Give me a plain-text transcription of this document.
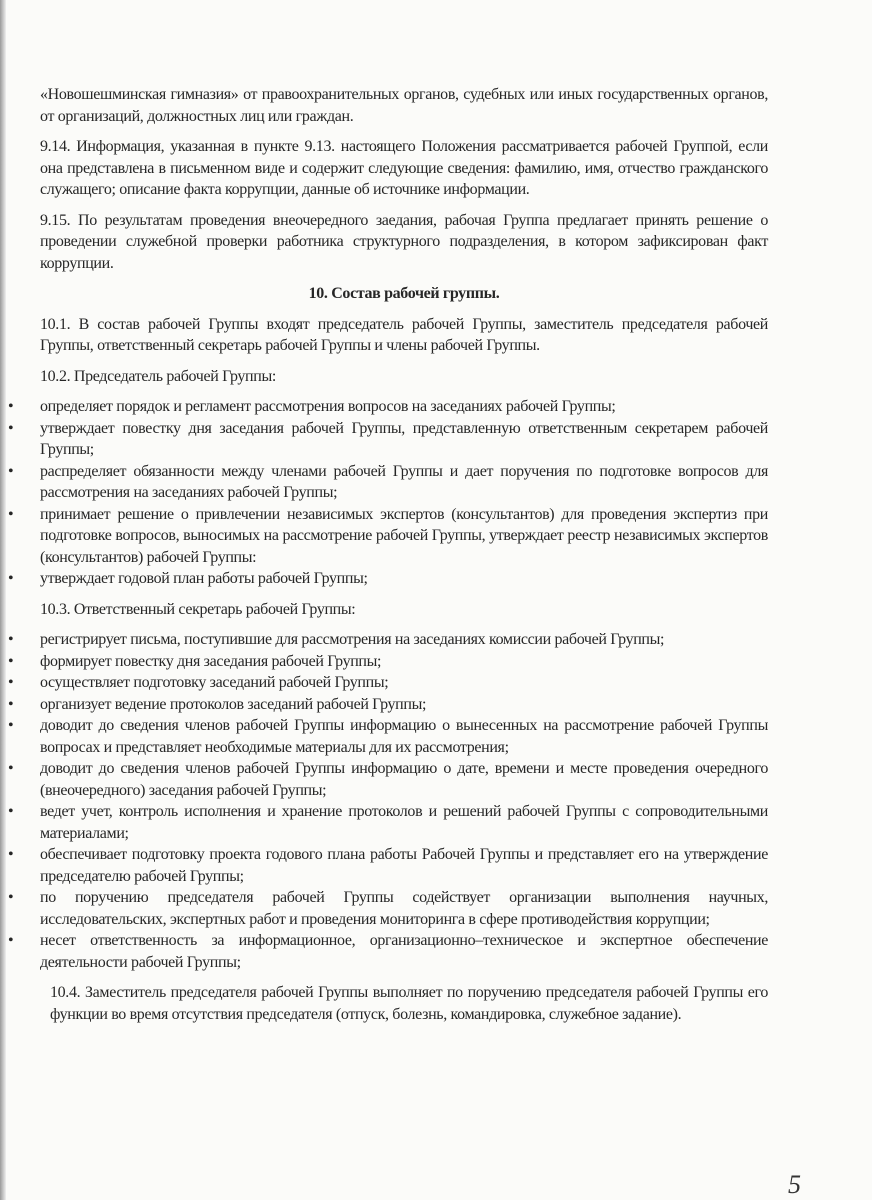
«Новошешминская гимназия» от правоохранительных органов, судебных или иных государственных органов, от организаций, должностных лиц или граждан.

9.14. Информация, указанная в пункте 9.13. настоящего Положения рассматривается рабочей Группой, если она представлена в письменном виде и содержит следующие сведения: фамилию, имя, отчество гражданского служащего; описание факта коррупции, данные об источнике информации.

9.15. По результатам проведения внеочередного заедания, рабочая Группа предлагает принять решение о проведении служебной проверки работника структурного подразделения, в котором зафиксирован факт коррупции.

10. Состав рабочей группы.

10.1. В состав рабочей Группы входят председатель рабочей Группы, заместитель председателя рабочей Группы, ответственный секретарь рабочей Группы и члены рабочей Группы.

10.2. Председатель рабочей Группы:

• определяет порядок и регламент рассмотрения вопросов на заседаниях рабочей Группы;
• утверждает повестку дня заседания рабочей Группы, представленную ответственным секретарем рабочей Группы;
• распределяет обязанности между членами рабочей Группы и дает поручения по подготовке вопросов для рассмотрения на заседаниях рабочей Группы;
• принимает решение о привлечении независимых экспертов (консультантов) для проведения экспертиз при подготовке вопросов, выносимых на рассмотрение рабочей Группы, утверждает реестр независимых экспертов (консультантов) рабочей Группы:
• утверждает годовой план работы рабочей Группы;

10.3. Ответственный секретарь рабочей Группы:

• регистрирует письма, поступившие для рассмотрения на заседаниях комиссии рабочей Группы;
• формирует повестку дня заседания рабочей Группы;
• осуществляет подготовку заседаний рабочей Группы;
• организует ведение протоколов заседаний рабочей Группы;
• доводит до сведения членов рабочей Группы информацию о вынесенных на рассмотрение рабочей Группы вопросах и представляет необходимые материалы для их рассмотрения;
• доводит до сведения членов рабочей Группы информацию о дате, времени и месте проведения очередного (внеочередного) заседания рабочей Группы;
• ведет учет, контроль исполнения и хранение протоколов и решений рабочей Группы с сопроводительными материалами;
• обеспечивает подготовку проекта годового плана работы Рабочей Группы и представляет его на утверждение председателю рабочей Группы;
• по поручению председателя рабочей Группы содействует организации выполнения научных, исследовательских, экспертных работ и проведения мониторинга в сфере противодействия коррупции;
• несет ответственность за информационное, организационно–техническое и экспертное обеспечение деятельности рабочей Группы;

10.4. Заместитель председателя рабочей Группы выполняет по поручению председателя рабочей Группы его функции во время отсутствия председателя (отпуск, болезнь, командировка, служебное задание).

5
